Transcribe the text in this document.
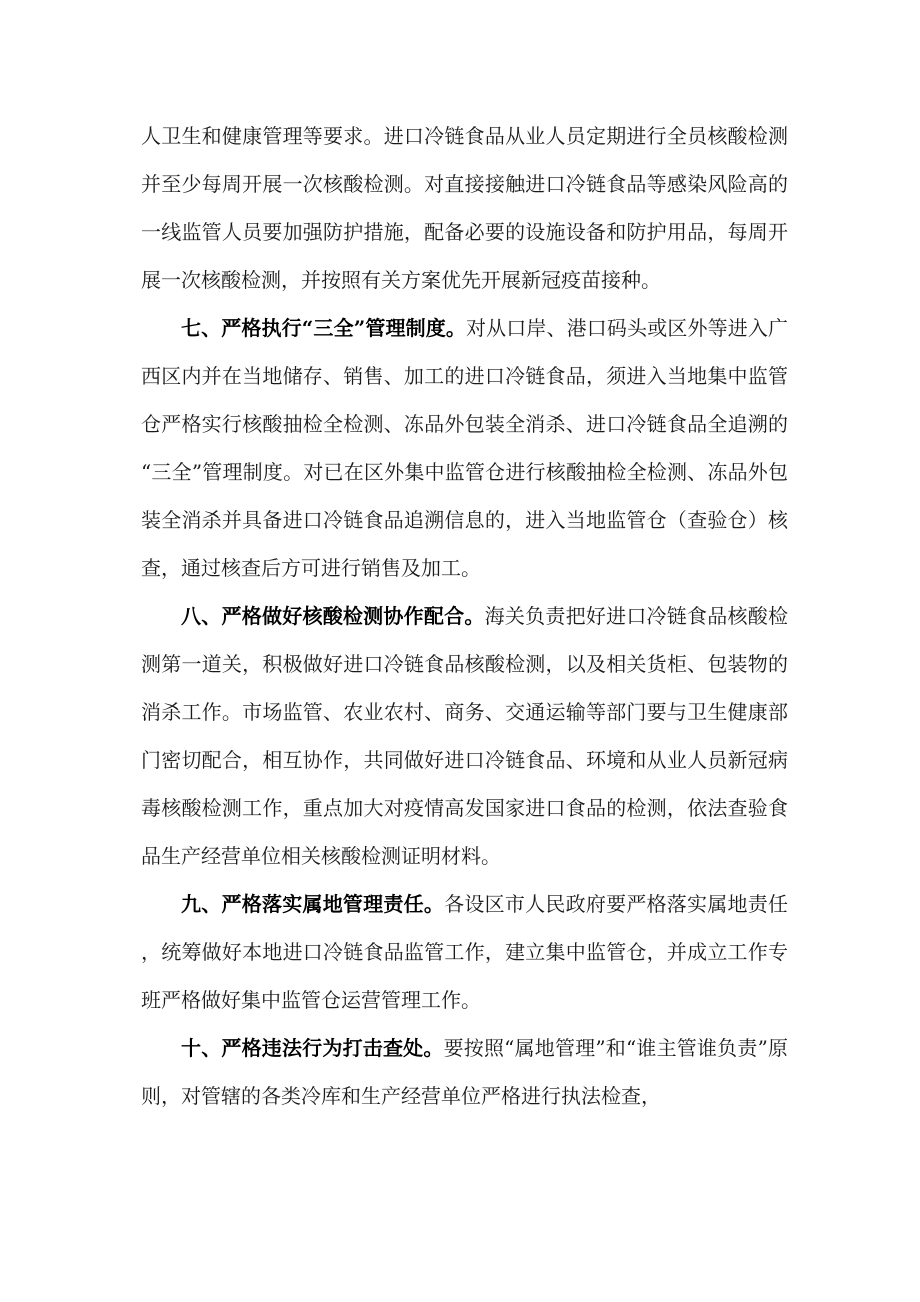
人卫生和健康管理等要求。进口冷链食品从业人员定期进行全员核酸检测并至少每周开展一次核酸检测。对直接接触进口冷链食品等感染风险高的一线监管人员要加强防护措施，配备必要的设施设备和防护用品，每周开展一次核酸检测，并按照有关方案优先开展新冠疫苗接种。

七、严格执行“三全”管理制度。对从口岸、港口码头或区外等进入广西区内并在当地储存、销售、加工的进口冷链食品，须进入当地集中监管仓严格实行核酸抽检全检测、冻品外包装全消杀、进口冷链食品全追溯的“三全”管理制度。对已在区外集中监管仓进行核酸抽检全检测、冻品外包装全消杀并具备进口冷链食品追溯信息的，进入当地监管仓（查验仓）核查，通过核查后方可进行销售及加工。

八、严格做好核酸检测协作配合。海关负责把好进口冷链食品核酸检测第一道关，积极做好进口冷链食品核酸检测，以及相关货柜、包装物的消杀工作。市场监管、农业农村、商务、交通运输等部门要与卫生健康部门密切配合，相互协作，共同做好进口冷链食品、环境和从业人员新冠病毒核酸检测工作，重点加大对疫情高发国家进口食品的检测，依法查验食品生产经营单位相关核酸检测证明材料。

九、严格落实属地管理责任。各设区市人民政府要严格落实属地责任，统筹做好本地进口冷链食品监管工作，建立集中监管仓，并成立工作专班严格做好集中监管仓运营管理工作。

十、严格违法行为打击查处。要按照“属地管理”和“谁主管谁负责”原则，对管辖的各类冷库和生产经营单位严格进行执法检查，
